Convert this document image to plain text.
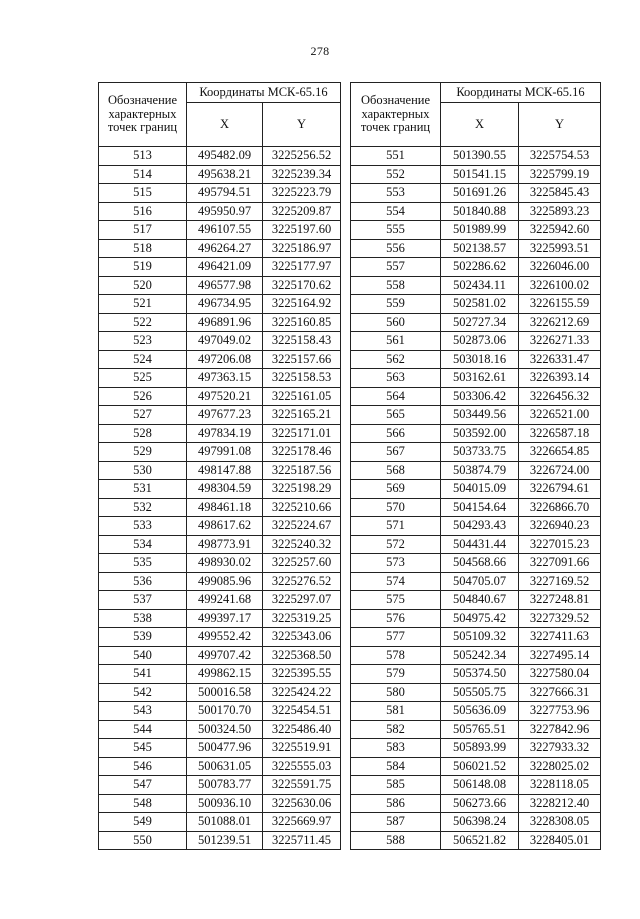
278
Обозначение
характерных
точек границ	Координаты МСК-65.16	
	X	Y
513	495482.09	3225256.52
514	495638.21	3225239.34
515	495794.51	3225223.79
516	495950.97	3225209.87
517	496107.55	3225197.60
518	496264.27	3225186.97
519	496421.09	3225177.97
520	496577.98	3225170.62
521	496734.95	3225164.92
522	496891.96	3225160.85
523	497049.02	3225158.43
524	497206.08	3225157.66
525	497363.15	3225158.53
526	497520.21	3225161.05
527	497677.23	3225165.21
528	497834.19	3225171.01
529	497991.08	3225178.46
530	498147.88	3225187.56
531	498304.59	3225198.29
532	498461.18	3225210.66
533	498617.62	3225224.67
534	498773.91	3225240.32
535	498930.02	3225257.60
536	499085.96	3225276.52
537	499241.68	3225297.07
538	499397.17	3225319.25
539	499552.42	3225343.06
540	499707.42	3225368.50
541	499862.15	3225395.55
542	500016.58	3225424.22
543	500170.70	3225454.51
544	500324.50	3225486.40
545	500477.96	3225519.91
546	500631.05	3225555.03
547	500783.77	3225591.75
548	500936.10	3225630.06
549	501088.01	3225669.97
550	501239.51	3225711.45
Обозначение
характерных
точек границ	Координаты МСК-65.16	
	X	Y
551	501390.55	3225754.53
552	501541.15	3225799.19
553	501691.26	3225845.43
554	501840.88	3225893.23
555	501989.99	3225942.60
556	502138.57	3225993.51
557	502286.62	3226046.00
558	502434.11	3226100.02
559	502581.02	3226155.59
560	502727.34	3226212.69
561	502873.06	3226271.33
562	503018.16	3226331.47
563	503162.61	3226393.14
564	503306.42	3226456.32
565	503449.56	3226521.00
566	503592.00	3226587.18
567	503733.75	3226654.85
568	503874.79	3226724.00
569	504015.09	3226794.61
570	504154.64	3226866.70
571	504293.43	3226940.23
572	504431.44	3227015.23
573	504568.66	3227091.66
574	504705.07	3227169.52
575	504840.67	3227248.81
576	504975.42	3227329.52
577	505109.32	3227411.63
578	505242.34	3227495.14
579	505374.50	3227580.04
580	505505.75	3227666.31
581	505636.09	3227753.96
582	505765.51	3227842.96
583	505893.99	3227933.32
584	506021.52	3228025.02
585	506148.08	3228118.05
586	506273.66	3228212.40
587	506398.24	3228308.05
588	506521.82	3228405.01
